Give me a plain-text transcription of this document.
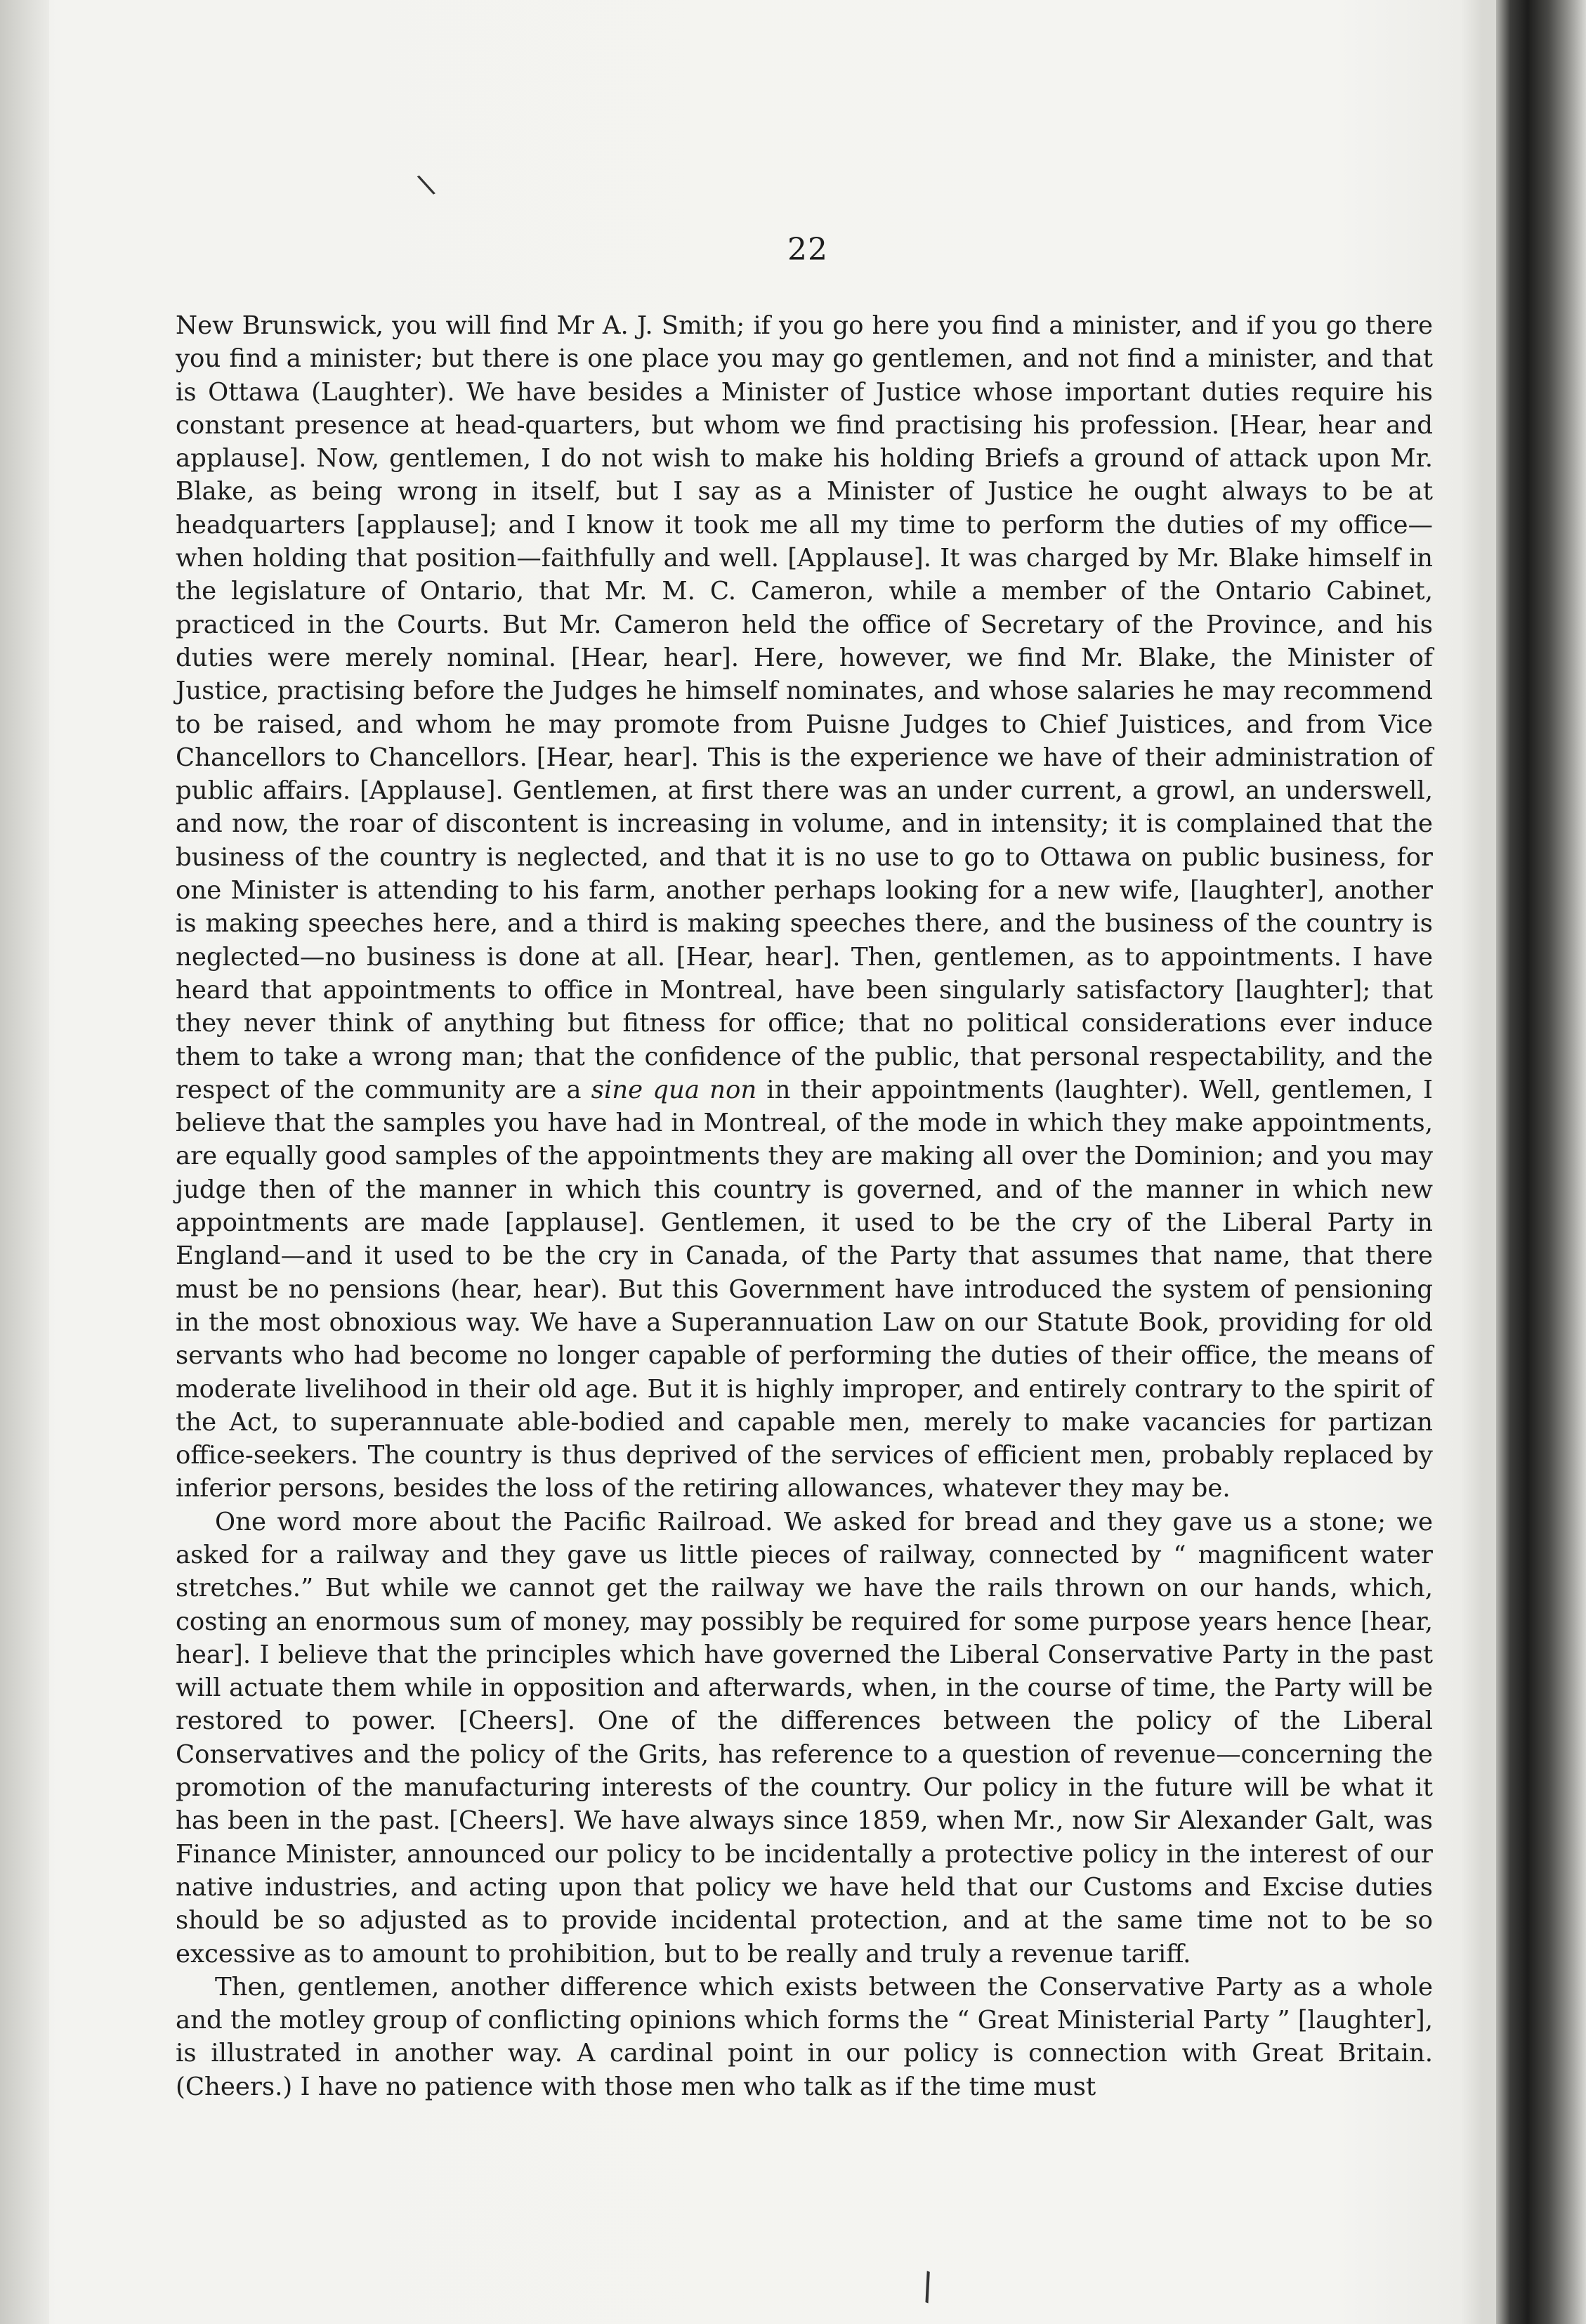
\
\
22

New Brunswick, you will find Mr A. J. Smith; if you go here you find a minister, and if you go there you find a minister; but there is one place you may go gentlemen, and not find a minister, and that is Ottawa (Laughter). We have besides a Minister of Justice whose important duties require his constant presence at head-quarters, but whom we find practising his profession. [Hear, hear and applause]. Now, gentlemen, I do not wish to make his holding Briefs a ground of attack upon Mr. Blake, as being wrong in itself, but I say as a Minister of Justice he ought always to be at headquarters [applause]; and I know it took me all my time to perform the duties of my office—when holding that position—faithfully and well. [Applause]. It was charged by Mr. Blake himself in the legislature of Ontario, that Mr. M. C. Cameron, while a member of the Ontario Cabinet, practiced in the Courts. But Mr. Cameron held the office of Secretary of the Province, and his duties were merely nominal. [Hear, hear]. Here, however, we find Mr. Blake, the Minister of Justice, practising before the Judges he himself nominates, and whose salaries he may recommend to be raised, and whom he may promote from Puisne Judges to Chief Juistices, and from Vice Chancellors to Chancellors. [Hear, hear]. This is the experience we have of their administration of public affairs. [Applause]. Gentlemen, at first there was an under current, a growl, an underswell, and now, the roar of discontent is increasing in volume, and in intensity; it is complained that the business of the country is neglected, and that it is no use to go to Ottawa on public business, for one Minister is attending to his farm, another perhaps looking for a new wife, [laughter], another is making speeches here, and a third is making speeches there, and the business of the country is neglected—no business is done at all. [Hear, hear]. Then, gentlemen, as to appointments. I have heard that appointments to office in Montreal, have been singularly satisfactory [laughter]; that they never think of anything but fitness for office; that no political considerations ever induce them to take a wrong man; that the confidence of the public, that personal respectability, and the respect of the community are a sine qua non in their appointments (laughter). Well, gentlemen, I believe that the samples you have had in Montreal, of the mode in which they make appointments, are equally good samples of the appointments they are making all over the Dominion; and you may judge then of the manner in which this country is governed, and of the manner in which new appointments are made [applause]. Gentlemen, it used to be the cry of the Liberal Party in England—and it used to be the cry in Canada, of the Party that assumes that name, that there must be no pensions (hear, hear). But this Government have introduced the system of pensioning in the most obnoxious way. We have a Superannuation Law on our Statute Book, providing for old servants who had become no longer capable of performing the duties of their office, the means of moderate livelihood in their old age. But it is highly improper, and entirely contrary to the spirit of the Act, to superannuate able-bodied and capable men, merely to make vacancies for partizan office-seekers. The country is thus deprived of the services of efficient men, probably replaced by inferior persons, besides the loss of the retiring allowances, whatever they may be.

One word more about the Pacific Railroad. We asked for bread and they gave us a stone; we asked for a railway and they gave us little pieces of railway, connected by “ magnificent water stretches.” But while we cannot get the railway we have the rails thrown on our hands, which, costing an enormous sum of money, may possibly be required for some purpose years hence [hear, hear]. I believe that the principles which have governed the Liberal Conservative Party in the past will actuate them while in opposition and afterwards, when, in the course of time, the Party will be restored to power. [Cheers]. One of the differences between the policy of the Liberal Conservatives and the policy of the Grits, has reference to a question of revenue—concerning the promotion of the manufacturing interests of the country. Our policy in the future will be what it has been in the past. [Cheers]. We have always since 1859, when Mr., now Sir Alexander Galt, was Finance Minister, announced our policy to be incidentally a protective policy in the interest of our native industries, and acting upon that policy we have held that our Customs and Excise duties should be so adjusted as to provide incidental protection, and at the same time not to be so excessive as to amount to prohibition, but to be really and truly a revenue tariff.

Then, gentlemen, another difference which exists between the Conservative Party as a whole and the motley group of conflicting opinions which forms the “ Great Ministerial Party ” [laughter], is illustrated in another way. A cardinal point in our policy is connection with Great Britain. (Cheers.) I have no patience with those men who talk as if the time must
